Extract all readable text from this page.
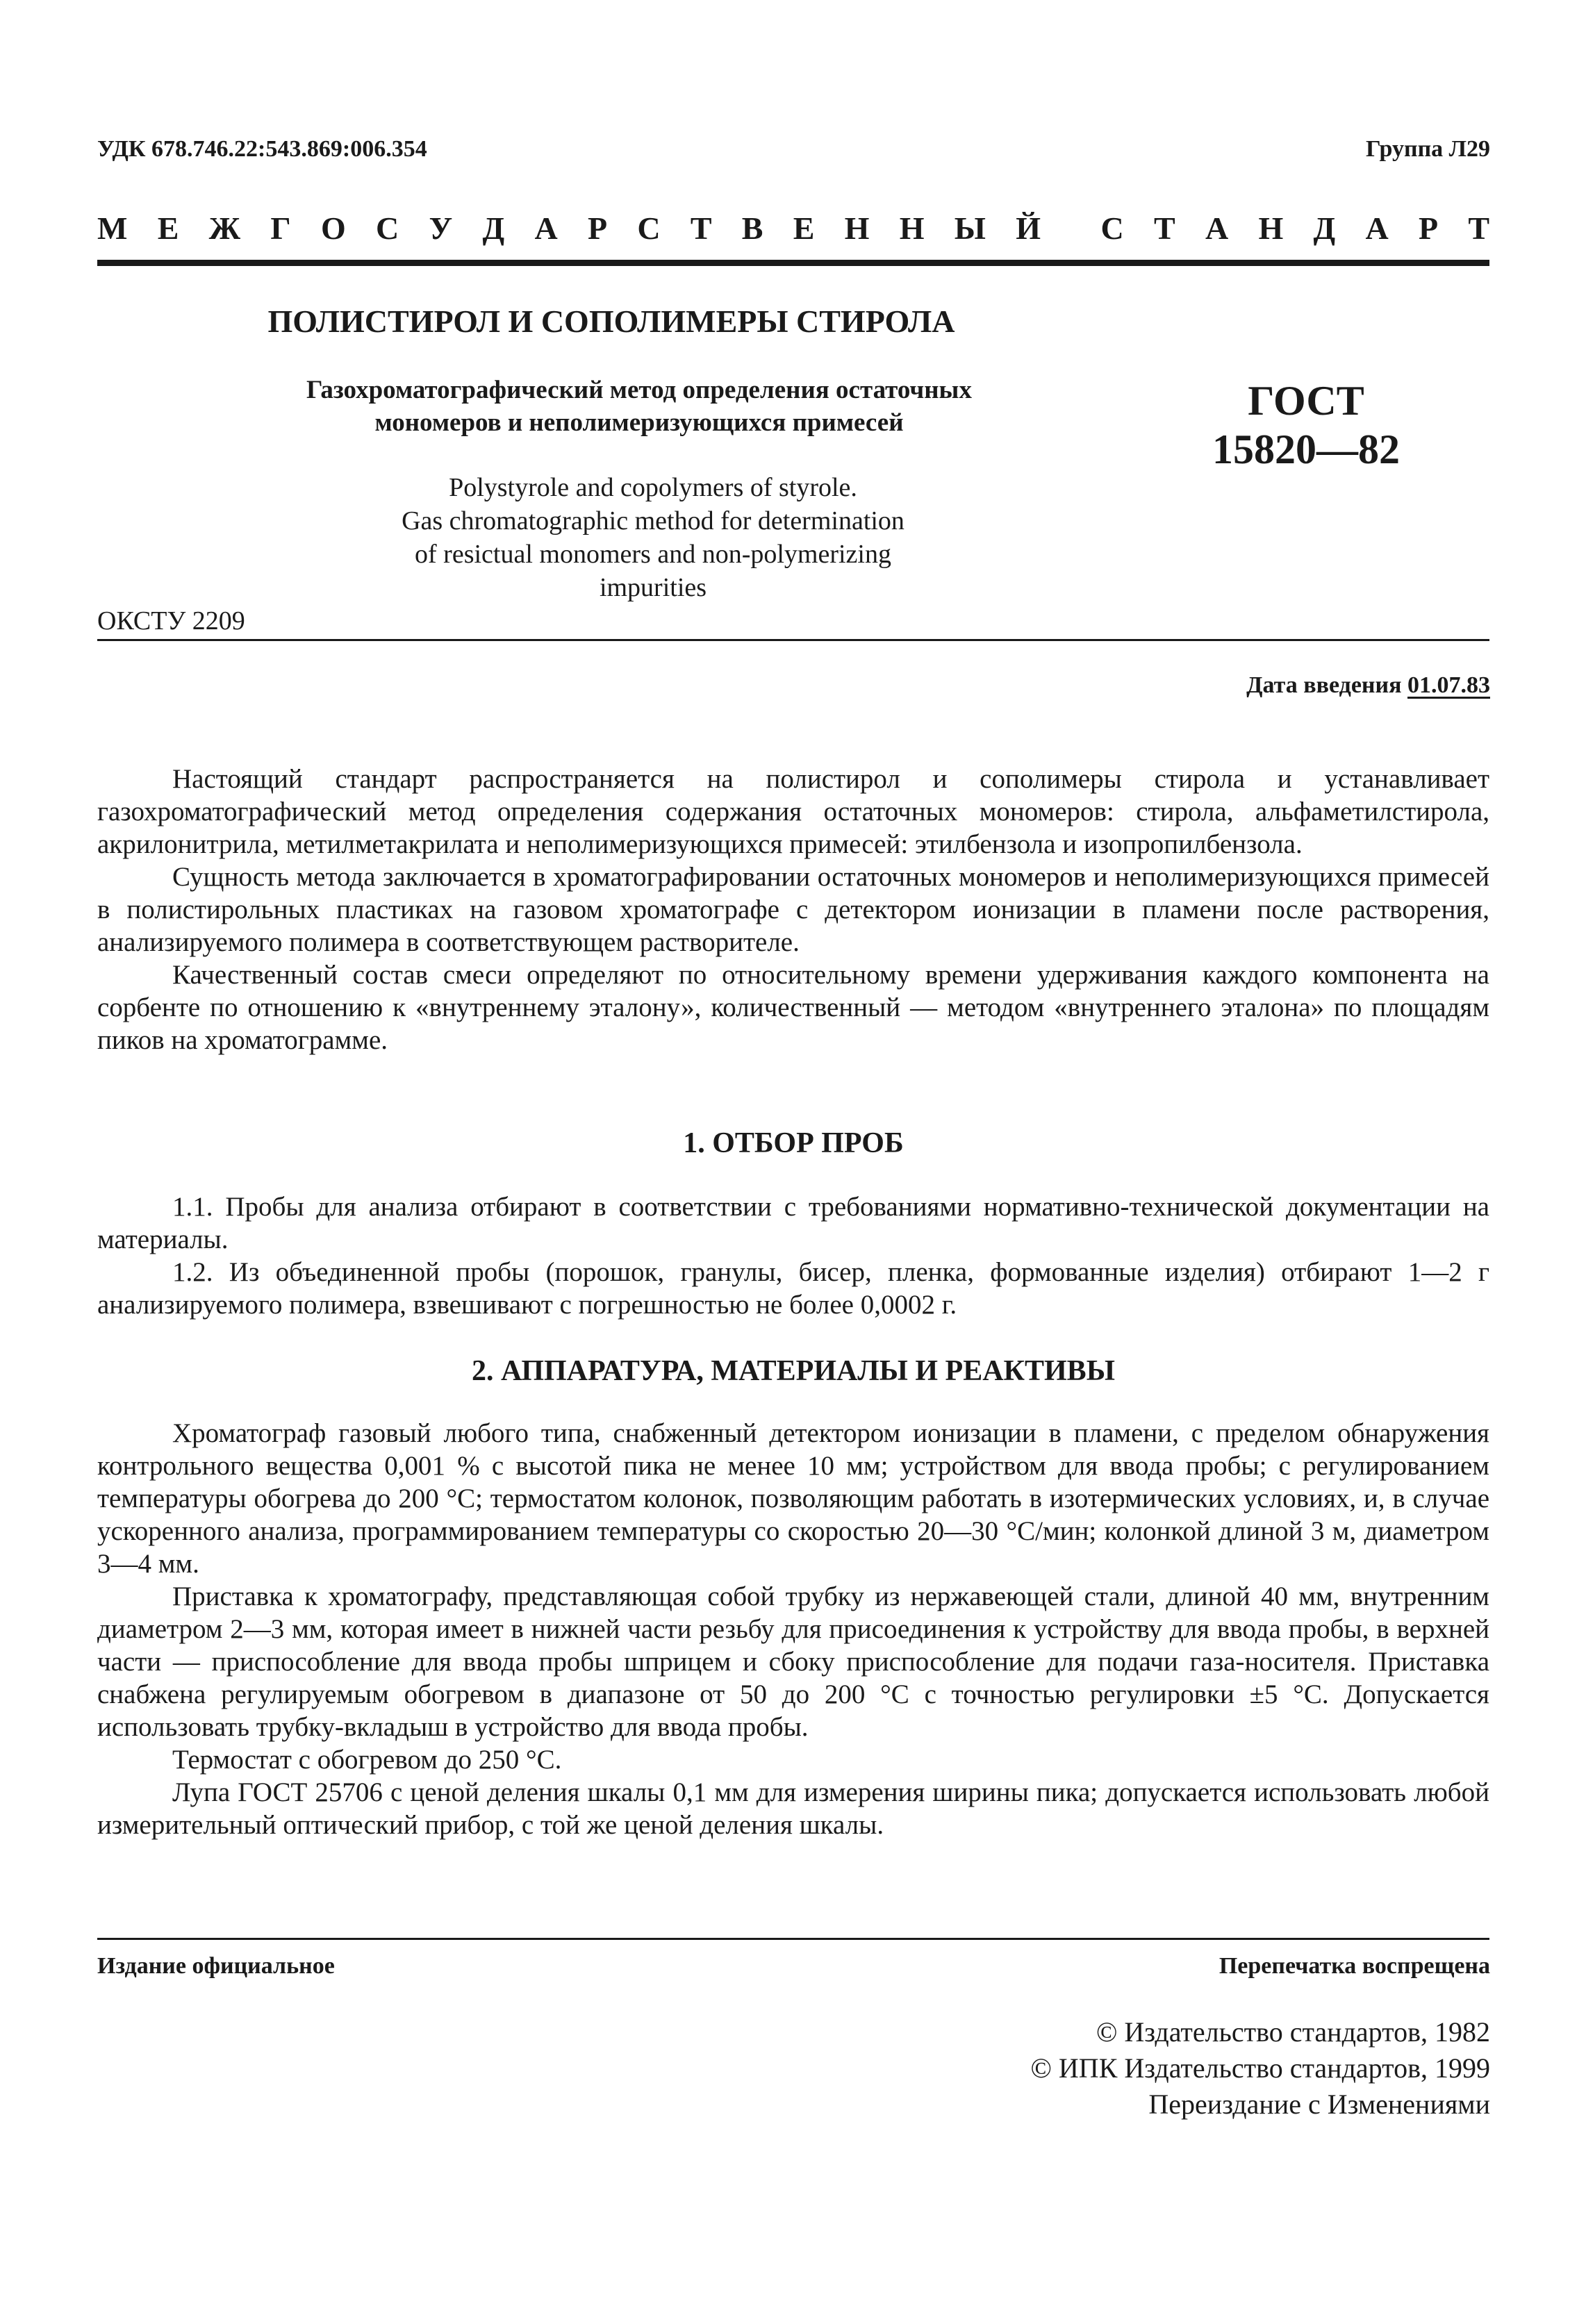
УДК 678.746.22:543.869:006.354	Группа Л29
М Е Ж Г О С У Д А Р С Т В Е Н Н Ы Й С Т А Н Д А Р Т
ПОЛИСТИРОЛ И СОПОЛИМЕРЫ СТИРОЛА
Газохроматографический метод определения остаточных
мономеров и неполимеризующихся примесей	ГОСТ
15820—82
Polystyrole and copolymers of styrole.
Gas chromatographic method for determination
of resictual monomers and non-polymerizing
impurities
ОКСТУ 2209
Дата введения 01.07.83

Настоящий стандарт распространяется на полистирол и сополимеры стирола и устанавливает газохроматографический метод определения содержания остаточных мономеров: стирола, альфаметилстирола, акрилонитрила, метилметакрилата и неполимеризующихся примесей: этилбензола и изопропилбензола.

Сущность метода заключается в хроматографировании остаточных мономеров и неполимеризующихся примесей в полистирольных пластиках на газовом хроматографе с детектором ионизации в пламени после растворения, анализируемого полимера в соответствующем растворителе.

Качественный состав смеси определяют по относительному времени удерживания каждого компонента на сорбенте по отношению к «внутреннему эталону», количественный — методом «внутреннего эталона» по площадям пиков на хроматограмме.

1. ОТБОР ПРОБ

1.1. Пробы для анализа отбирают в соответствии с требованиями нормативно-технической документации на материалы.

1.2. Из объединенной пробы (порошок, гранулы, бисер, пленка, формованные изделия) отбирают 1—2 г анализируемого полимера, взвешивают с погрешностью не более 0,0002 г.

2. АППАРАТУРА, МАТЕРИАЛЫ И РЕАКТИВЫ

Хроматограф газовый любого типа, снабженный детектором ионизации в пламени, с пределом обнаружения контрольного вещества 0,001 % с высотой пика не менее 10 мм; устройством для ввода пробы; с регулированием температуры обогрева до 200 °С; термостатом колонок, позволяющим работать в изотермических условиях, и, в случае ускоренного анализа, программированием температуры со скоростью 20—30 °С/мин; колонкой длиной 3 м, диаметром 3—4 мм.

Приставка к хроматографу, представляющая собой трубку из нержавеющей стали, длиной 40 мм, внутренним диаметром 2—3 мм, которая имеет в нижней части резьбу для присоединения к устройству для ввода пробы, в верхней части — приспособление для ввода пробы шприцем и сбоку приспособление для подачи газа-носителя. Приставка снабжена регулируемым обогревом в диапазоне от 50 до 200 °С с точностью регулировки ±5 °С. Допускается использовать трубку-вкладыш в устройство для ввода пробы.

Термостат с обогревом до 250 °С.

Лупа ГОСТ 25706 с ценой деления шкалы 0,1 мм для измерения ширины пика; допускается использовать любой измерительный оптический прибор, с той же ценой деления шкалы.

Издание официальное	Перепечатка воспрещена
© Издательство стандартов, 1982
© ИПК Издательство стандартов, 1999
Переиздание с Изменениями
